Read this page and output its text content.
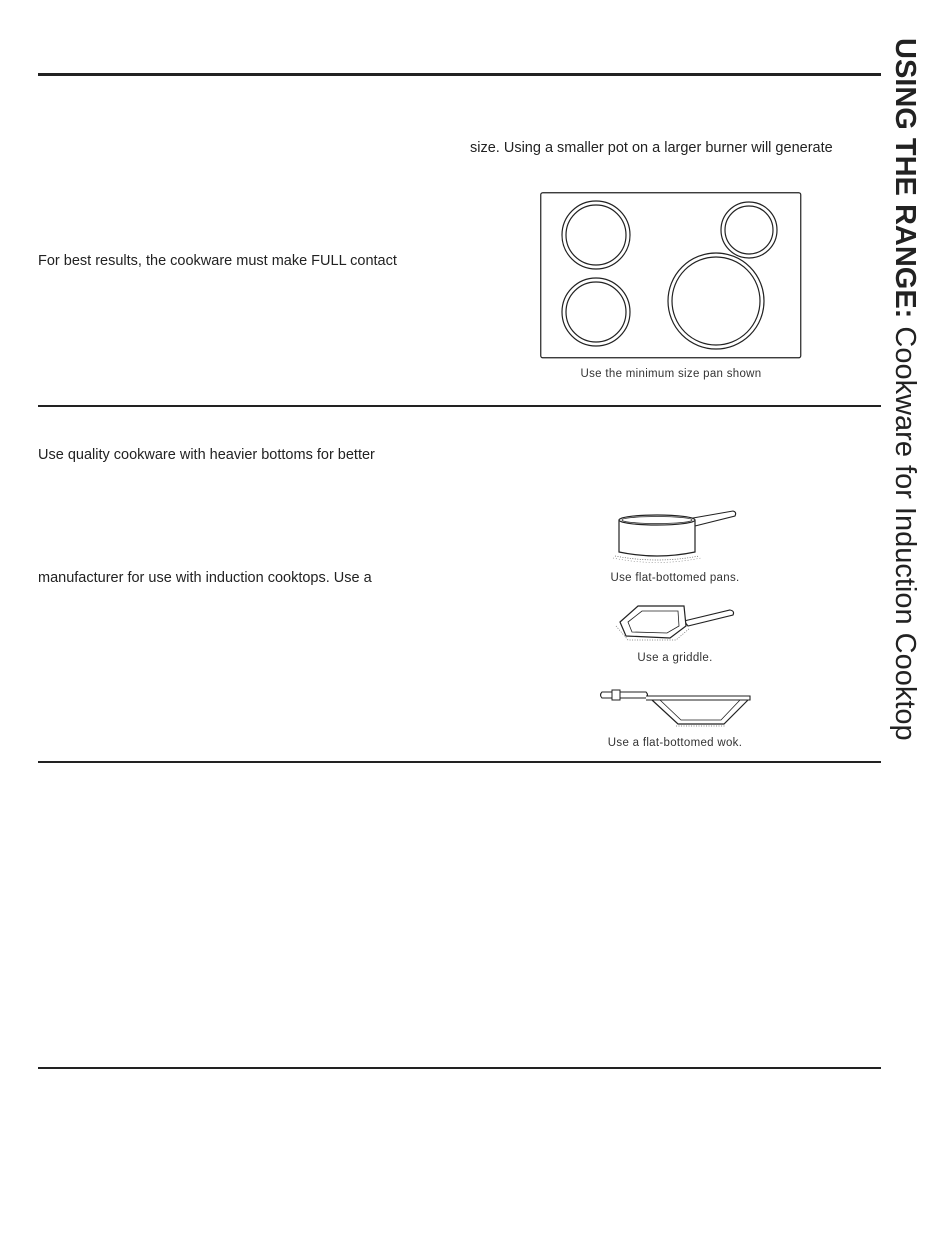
USING THE RANGE: Cookware for Induction Cooktop
size. Using a smaller pot on a larger burner will generate
For best results, the cookware must make FULL contact
Use the minimum size pan shown
Use quality cookware with heavier bottoms for better
manufacturer for use with induction cooktops. Use a	Use flat-bottomed pans.
Use a griddle.
Use a flat-bottomed wok.
